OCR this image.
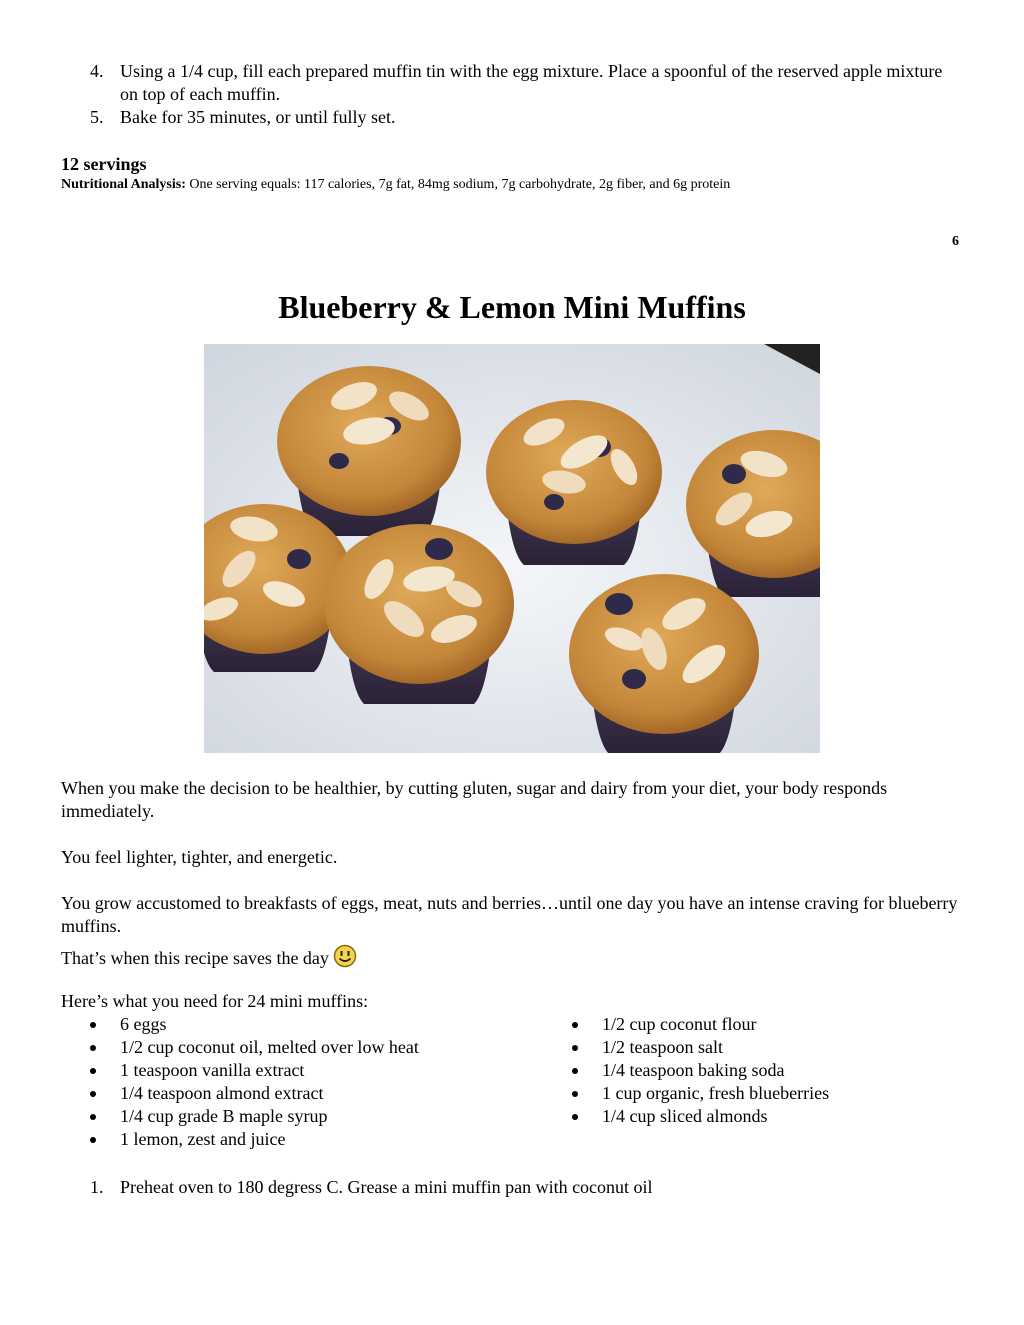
4. Using a 1/4 cup, fill each prepared muffin tin with the egg mixture. Place a spoonful of the reserved apple mixture on top of each muffin.
5. Bake for 35 minutes, or until fully set.
12 servings
Nutritional Analysis: One serving equals: 117 calories, 7g fat, 84mg sodium, 7g carbohydrate, 2g fiber, and 6g protein
6
Blueberry & Lemon Mini Muffins

When you make the decision to be healthier, by cutting gluten, sugar and dairy from your diet, your body responds immediately.

You feel lighter, tighter, and energetic.

You grow accustomed to breakfasts of eggs, meat, nuts and berries…until one day you have an intense craving for blueberry muffins.

That’s when this recipe saves the day

Here’s what you need for 24 mini muffins:

6 eggs
1/2 cup coconut oil, melted over low heat
1 teaspoon vanilla extract
1/4 teaspoon almond extract
1/4 cup grade B maple syrup
1 lemon, zest and juice
1/2 cup coconut flour
1/2 teaspoon salt
1/4 teaspoon baking soda
1 cup organic, fresh blueberries
1/4 cup sliced almonds
1. Preheat oven to 180 degress C. Grease a mini muffin pan with coconut oil
